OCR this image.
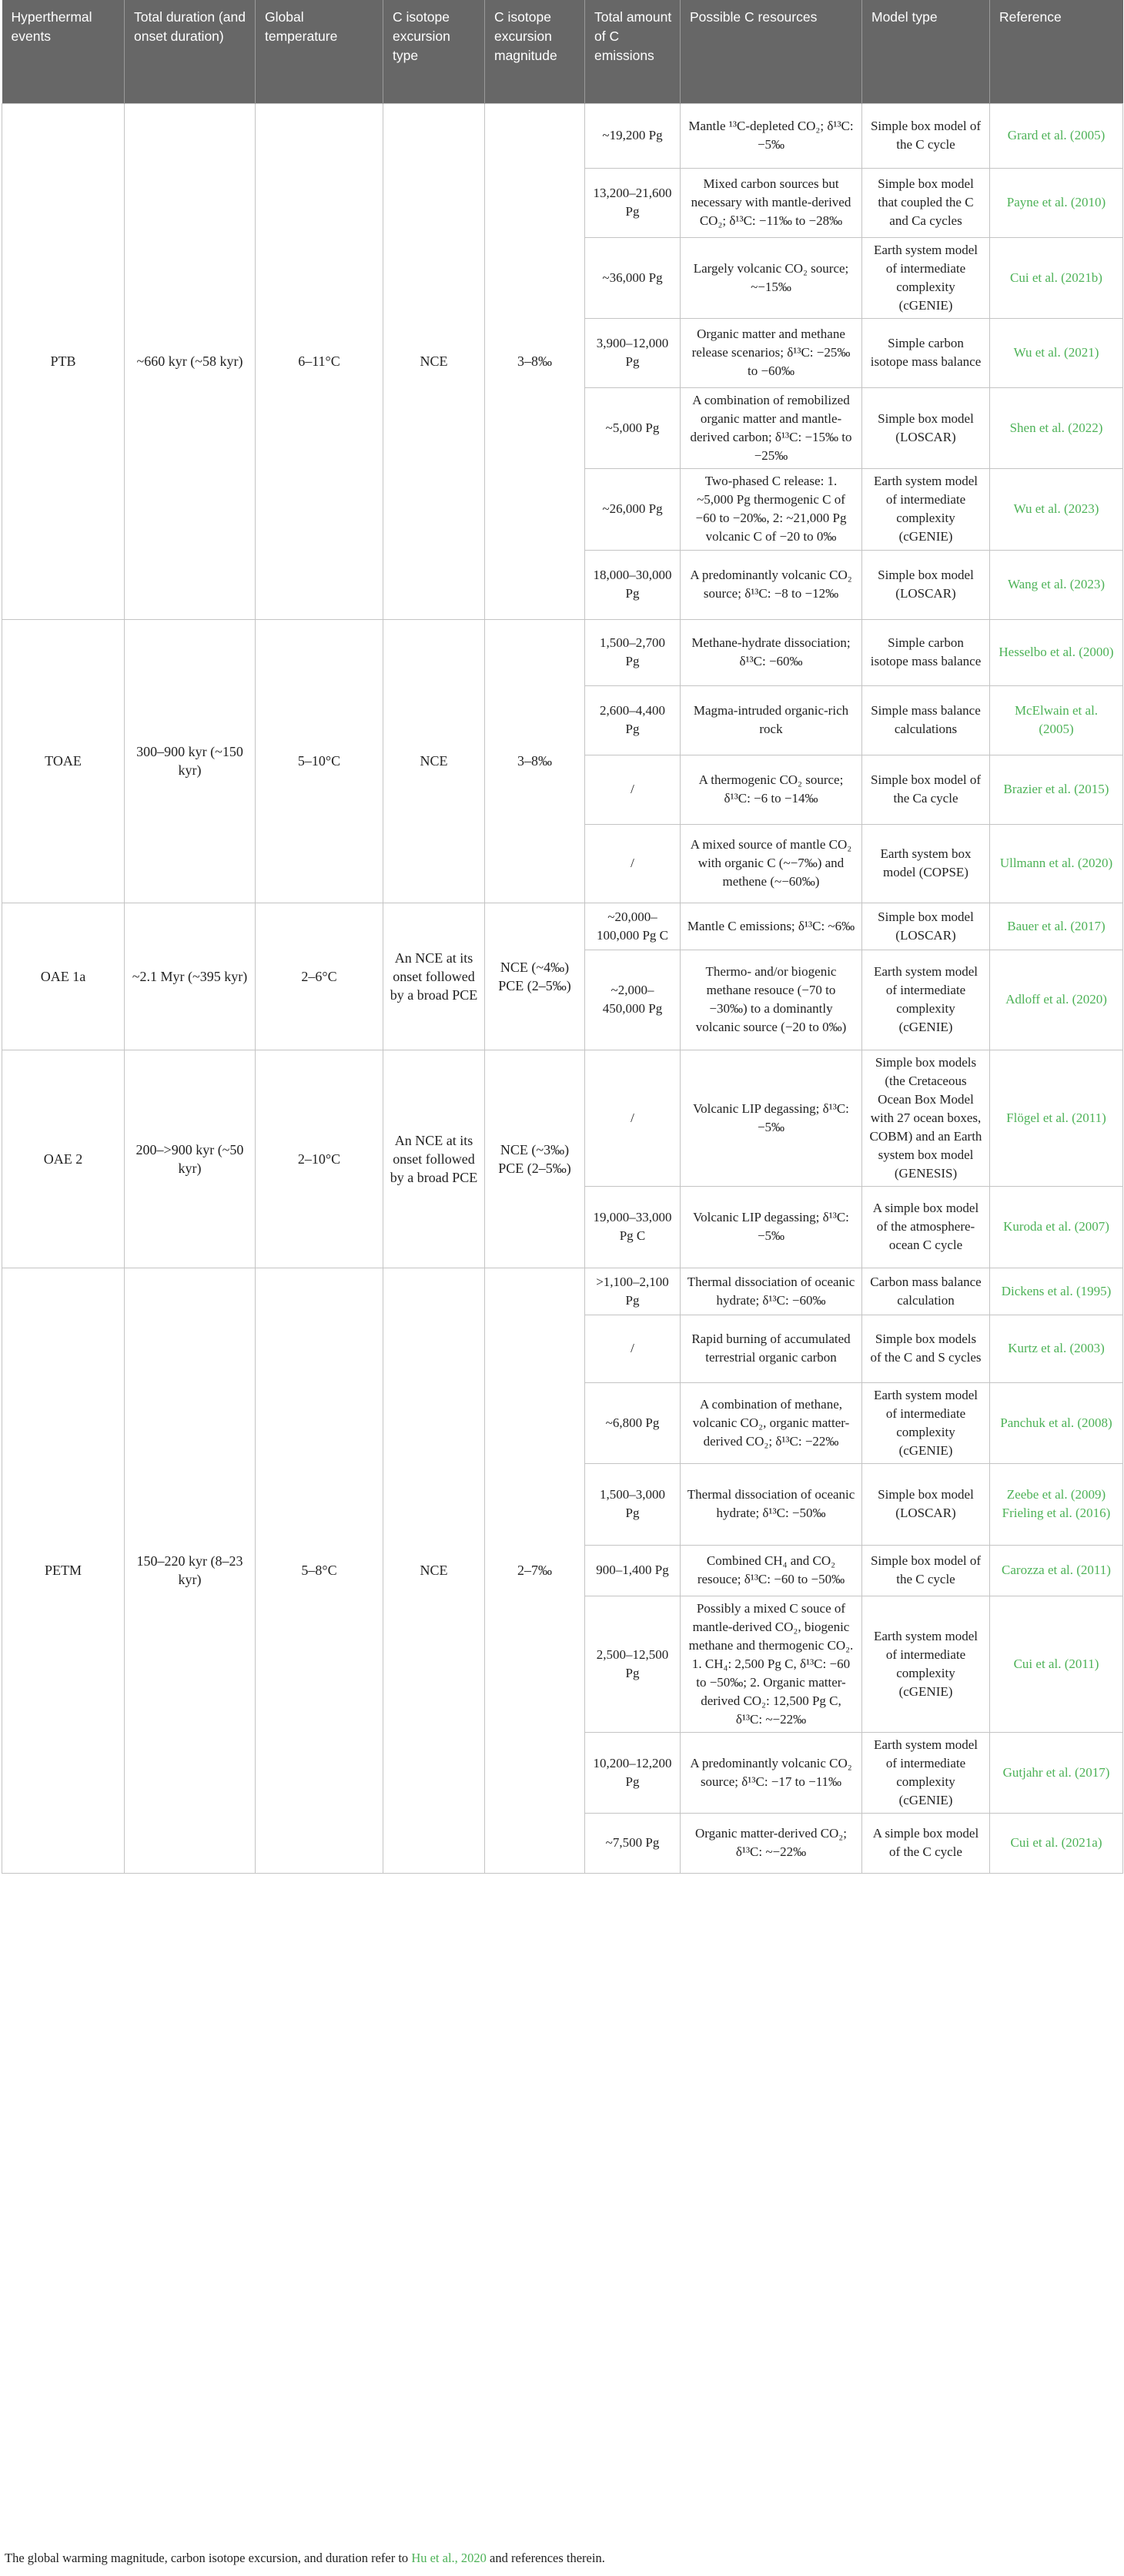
Hyperthermal events	Total duration (and onset duration)	Global temperature	C isotope excursion type	C isotope excursion magnitude	Total amount of C emissions	Possible C resources	Model type	Reference
PTB	~660 kyr (~58 kyr)	6–11°C	NCE	3–8‰	~19,200 Pg	Mantle ¹³C-depleted CO₂; δ¹³C: −5‰	Simple box model of the C cycle	Grard et al. (2005)
					13,200–21,600 Pg	Mixed carbon sources but necessary with mantle-derived CO₂; δ¹³C: −11‰ to −28‰	Simple box model that coupled the C and Ca cycles	Payne et al. (2010)
					~36,000 Pg	Largely volcanic CO₂ source; ~−15‰	Earth system model of intermediate complexity (cGENIE)	Cui et al. (2021b)
					3,900–12,000 Pg	Organic matter and methane release scenarios; δ¹³C: −25‰ to −60‰	Simple carbon isotope mass balance	Wu et al. (2021)
					~5,000 Pg	A combination of remobilized organic matter and mantle-derived carbon; δ¹³C: −15‰ to −25‰	Simple box model (LOSCAR)	Shen et al. (2022)
					~26,000 Pg	Two-phased C release: 1. ~5,000 Pg thermogenic C of −60 to −20‰, 2: ~21,000 Pg volcanic C of −20 to 0‰	Earth system model of intermediate complexity (cGENIE)	Wu et al. (2023)
					18,000–30,000 Pg	A predominantly volcanic CO₂ source; δ¹³C: −8 to −12‰	Simple box model (LOSCAR)	Wang et al. (2023)
TOAE	300–900 kyr (~150 kyr)	5–10°C	NCE	3–8‰	1,500–2,700 Pg	Methane-hydrate dissociation; δ¹³C: −60‰	Simple carbon isotope mass balance	Hesselbo et al. (2000)
					2,600–4,400 Pg	Magma-intruded organic-rich rock	Simple mass balance calculations	McElwain et al. (2005)
					/	A thermogenic CO₂ source; δ¹³C: −6 to −14‰	Simple box model of the Ca cycle	Brazier et al. (2015)
					/	A mixed source of mantle CO₂ with organic C (~−7‰) and methene (~−60‰)	Earth system box model (COPSE)	Ullmann et al. (2020)
OAE 1a	~2.1 Myr (~395 kyr)	2–6°C	An NCE at its onset followed by a broad PCE	NCE (~4‰) PCE (2–5‰)	~20,000–100,000 Pg C	Mantle C emissions; δ¹³C: ~6‰	Simple box model (LOSCAR)	Bauer et al. (2017)
					~2,000–450,000 Pg	Thermo- and/or biogenic methane resouce (−70 to −30‰) to a dominantly volcanic source (−20 to 0‰)	Earth system model of intermediate complexity (cGENIE)	Adloff et al. (2020)
OAE 2	200–>900 kyr (~50 kyr)	2–10°C	An NCE at its onset followed by a broad PCE	NCE (~3‰) PCE (2–5‰)	/	Volcanic LIP degassing; δ¹³C: −5‰	Simple box models (the Cretaceous Ocean Box Model with 27 ocean boxes, COBM) and an Earth system box model (GENESIS)	Flögel et al. (2011)
					19,000–33,000 Pg C	Volcanic LIP degassing; δ¹³C: −5‰	A simple box model of the atmosphere-ocean C cycle	Kuroda et al. (2007)
PETM	150–220 kyr (8–23 kyr)	5–8°C	NCE	2–7‰	>1,100–2,100 Pg	Thermal dissociation of oceanic hydrate; δ¹³C: −60‰	Carbon mass balance calculation	Dickens et al. (1995)
					/	Rapid burning of accumulated terrestrial organic carbon	Simple box models of the C and S cycles	Kurtz et al. (2003)
					~6,800 Pg	A combination of methane, volcanic CO₂, organic matter-derived CO₂; δ¹³C: −22‰	Earth system model of intermediate complexity (cGENIE)	Panchuk et al. (2008)
					1,500–3,000 Pg	Thermal dissociation of oceanic hydrate; δ¹³C: −50‰	Simple box model (LOSCAR)	Zeebe et al. (2009) Frieling et al. (2016)
					900–1,400 Pg	Combined CH₄ and CO₂ resouce; δ¹³C: −60 to −50‰	Simple box model of the C cycle	Carozza et al. (2011)
					2,500–12,500 Pg	Possibly a mixed C souce of mantle-derived CO₂, biogenic methane and thermogenic CO₂. 1. CH₄: 2,500 Pg C, δ¹³C: −60 to −50‰; 2. Organic matter-derived CO₂: 12,500 Pg C, δ¹³C: ~−22‰	Earth system model of intermediate complexity (cGENIE)	Cui et al. (2011)
					10,200–12,200 Pg	A predominantly volcanic CO₂ source; δ¹³C: −17 to −11‰	Earth system model of intermediate complexity (cGENIE)	Gutjahr et al. (2017)
					~7,500 Pg	Organic matter-derived CO₂; δ¹³C: ~−22‰	A simple box model of the C cycle	Cui et al. (2021a)
The global warming magnitude, carbon isotope excursion, and duration refer to Hu et al., 2020 and references therein.
